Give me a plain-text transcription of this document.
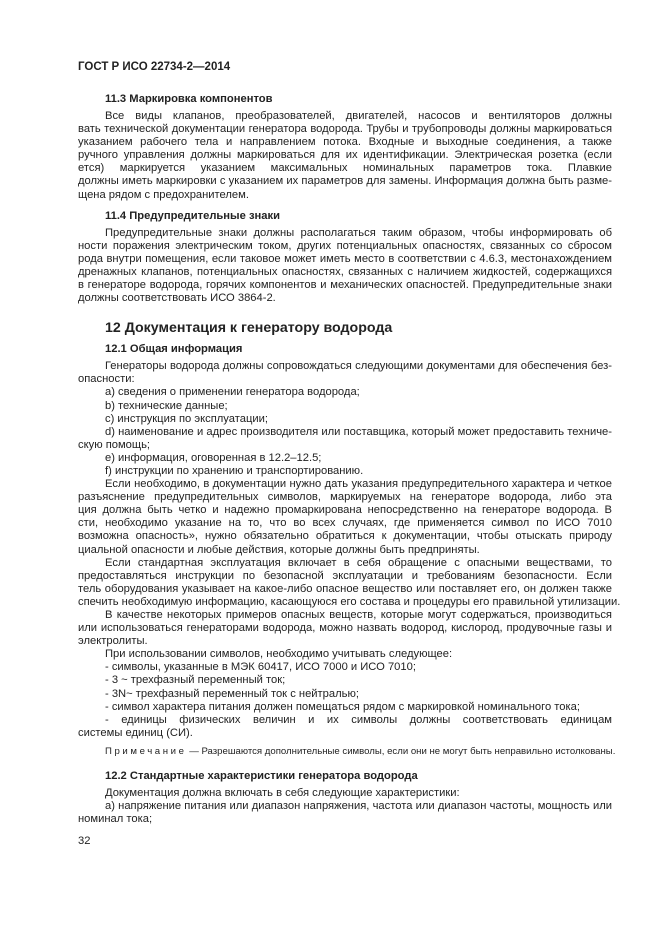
ГОСТ Р ИСО 22734-2—2014
11.3 Маркировка компонентов
Все виды клапанов, преобразователей, двигателей, насосов и вентиляторов должны
вать технической документации генератора водорода. Трубы и трубопроводы должны маркироваться
указанием рабочего тела и направлением потока. Входные и выходные соединения, а также
ручного управления должны маркироваться для их идентификации. Электрическая розетка (если
ется) маркируется указанием максимальных номинальных параметров тока. Плавкие
должны иметь маркировки с указанием их параметров для замены. Информация должна быть разме-
щена рядом с предохранителем.
11.4 Предупредительные знаки
Предупредительные знаки должны располагаться таким образом, чтобы информировать об
ности поражения электрическим током, других потенциальных опасностях, связанных со сбросом
рода внутри помещения, если таковое может иметь место в соответствии с 4.6.3, местонахождением
дренажных клапанов, потенциальных опасностях, связанных с наличием жидкостей, содержащихся
в генераторе водорода, горячих компонентов и механических опасностей. Предупредительные знаки
должны соответствовать ИСО 3864-2.
12 Документация к генератору водорода
12.1 Общая информация
Генераторы водорода должны сопровождаться следующими документами для обеспечения без-
опасности:
a) сведения о применении генератора водорода;
b) технические данные;
c) инструкция по эксплуатации;
d) наименование и адрес производителя или поставщика, который может предоставить техниче-
скую помощь;
e) информация, оговоренная в 12.2–12.5;
f) инструкции по хранению и транспортированию.
Если необходимо, в документации нужно дать указания предупредительного характера и четкое
разъяснение предупредительных символов, маркируемых на генераторе водорода, либо эта
ция должна быть четко и надежно промаркирована непосредственно на генераторе водорода. В
сти, необходимо указание на то, что во всех случаях, где применяется символ по ИСО 7010
возможна опасность», нужно обязательно обратиться к документации, чтобы отыскать природу
циальной опасности и любые действия, которые должны быть предприняты.
Если стандартная эксплуатация включает в себя обращение с опасными веществами, то
предоставляться инструкции по безопасной эксплуатации и требованиям безопасности. Если
тель оборудования указывает на какое-либо опасное вещество или поставляет его, он должен также
спечить необходимую информацию, касающуюся его состава и процедуры его правильной утилизации.
В качестве некоторых примеров опасных веществ, которые могут содержаться, производиться
или использоваться генераторами водорода, можно назвать водород, кислород, продувочные газы и
электролиты.
При использовании символов, необходимо учитывать следующее:
- символы, указанные в МЭК 60417, ИСО 7000 и ИСО 7010;
- 3 ~ трехфазный переменный ток;
- 3N~ трехфазный переменный ток с нейтралью;
- символ характера питания должен помещаться рядом с маркировкой номинального тока;
- единицы физических величин и их символы должны соответствовать единицам
системы единиц (СИ).
Примечание — Разрешаются дополнительные символы, если они не могут быть неправильно истолкованы.
12.2 Стандартные характеристики генератора водорода
Документация должна включать в себя следующие характеристики:
a) напряжение питания или диапазон напряжения, частота или диапазон частоты, мощность или
номинал тока;
32
